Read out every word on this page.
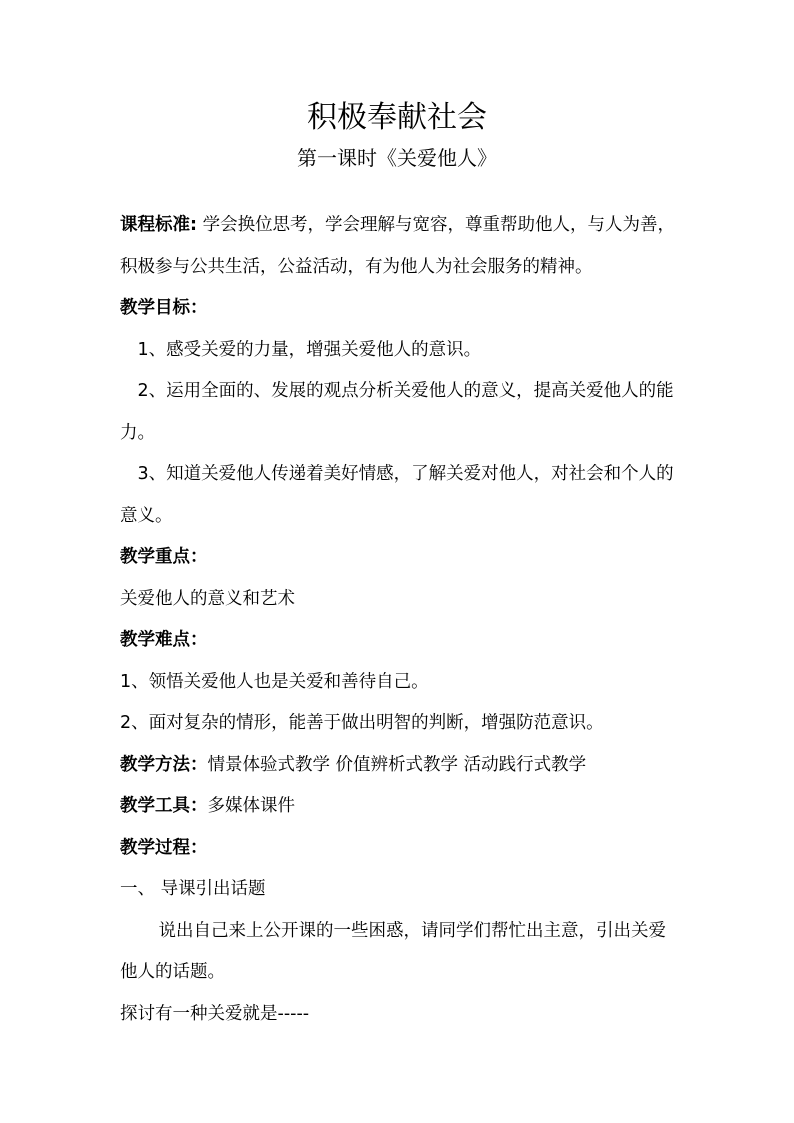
积极奉献社会
第一课时《关爱他人》

课程标准: 学会换位思考，学会理解与宽容，尊重帮助他人，与人为善，积极参与公共生活，公益活动，有为他人为社会服务的精神。

教学目标：

1、感受关爱的力量，增强关爱他人的意识。

2、运用全面的、发展的观点分析关爱他人的意义，提高关爱他人的能力。

3、知道关爱他人传递着美好情感，了解关爱对他人，对社会和个人的意义。

教学重点：

关爱他人的意义和艺术

教学难点：

1、领悟关爱他人也是关爱和善待自己。

2、面对复杂的情形，能善于做出明智的判断，增强防范意识。

教学方法：情景体验式教学 价值辨析式教学 活动践行式教学

教学工具：多媒体课件

教学过程：

一、 导课引出话题

说出自己来上公开课的一些困惑，请同学们帮忙出主意，引出关爱他人的话题。

探讨有一种关爱就是-----
